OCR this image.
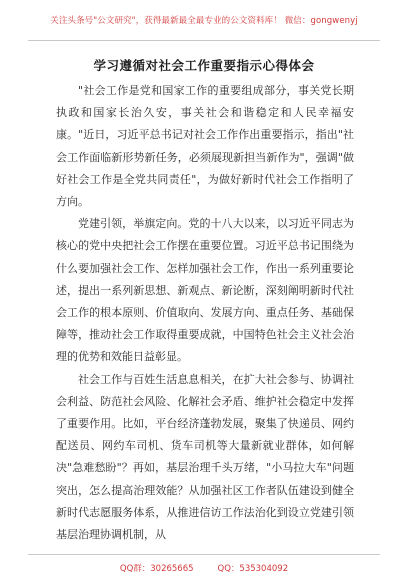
关注头条号"公文研究"，获得最新最全最专业的公文资料库！ 微信：gongwenyj
学习遵循对社会工作重要指示心得体会

"社会工作是党和国家工作的重要组成部分，事关党长期执政和国家长治久安，事关社会和谐稳定和人民幸福安康。"近日，习近平总书记对社会工作作出重要指示，指出"社会工作面临新形势新任务，必须展现新担当新作为"，强调"做好社会工作是全党共同责任"，为做好新时代社会工作指明了方向。

党建引领，举旗定向。党的十八大以来，以习近平同志为核心的党中央把社会工作摆在重要位置。习近平总书记围绕为什么要加强社会工作、怎样加强社会工作，作出一系列重要论述，提出一系列新思想、新观点、新论断，深刻阐明新时代社会工作的根本原则、价值取向、发展方向、重点任务、基础保障等，推动社会工作取得重要成就，中国特色社会主义社会治理的优势和效能日益彰显。

社会工作与百姓生活息息相关，在扩大社会参与、协调社会利益、防范社会风险、化解社会矛盾、维护社会稳定中发挥了重要作用。比如，平台经济蓬勃发展，聚集了快递员、网约配送员、网约车司机、货车司机等大量新就业群体，如何解决"急难愁盼"？再如，基层治理千头万绪，"小马拉大车"问题突出，怎么提高治理效能？从加强社区工作者队伍建设到健全新时代志愿服务体系，从推进信访工作法治化到设立党建引领基层治理协调机制，从

QQ群：30265665	QQ：535304092
